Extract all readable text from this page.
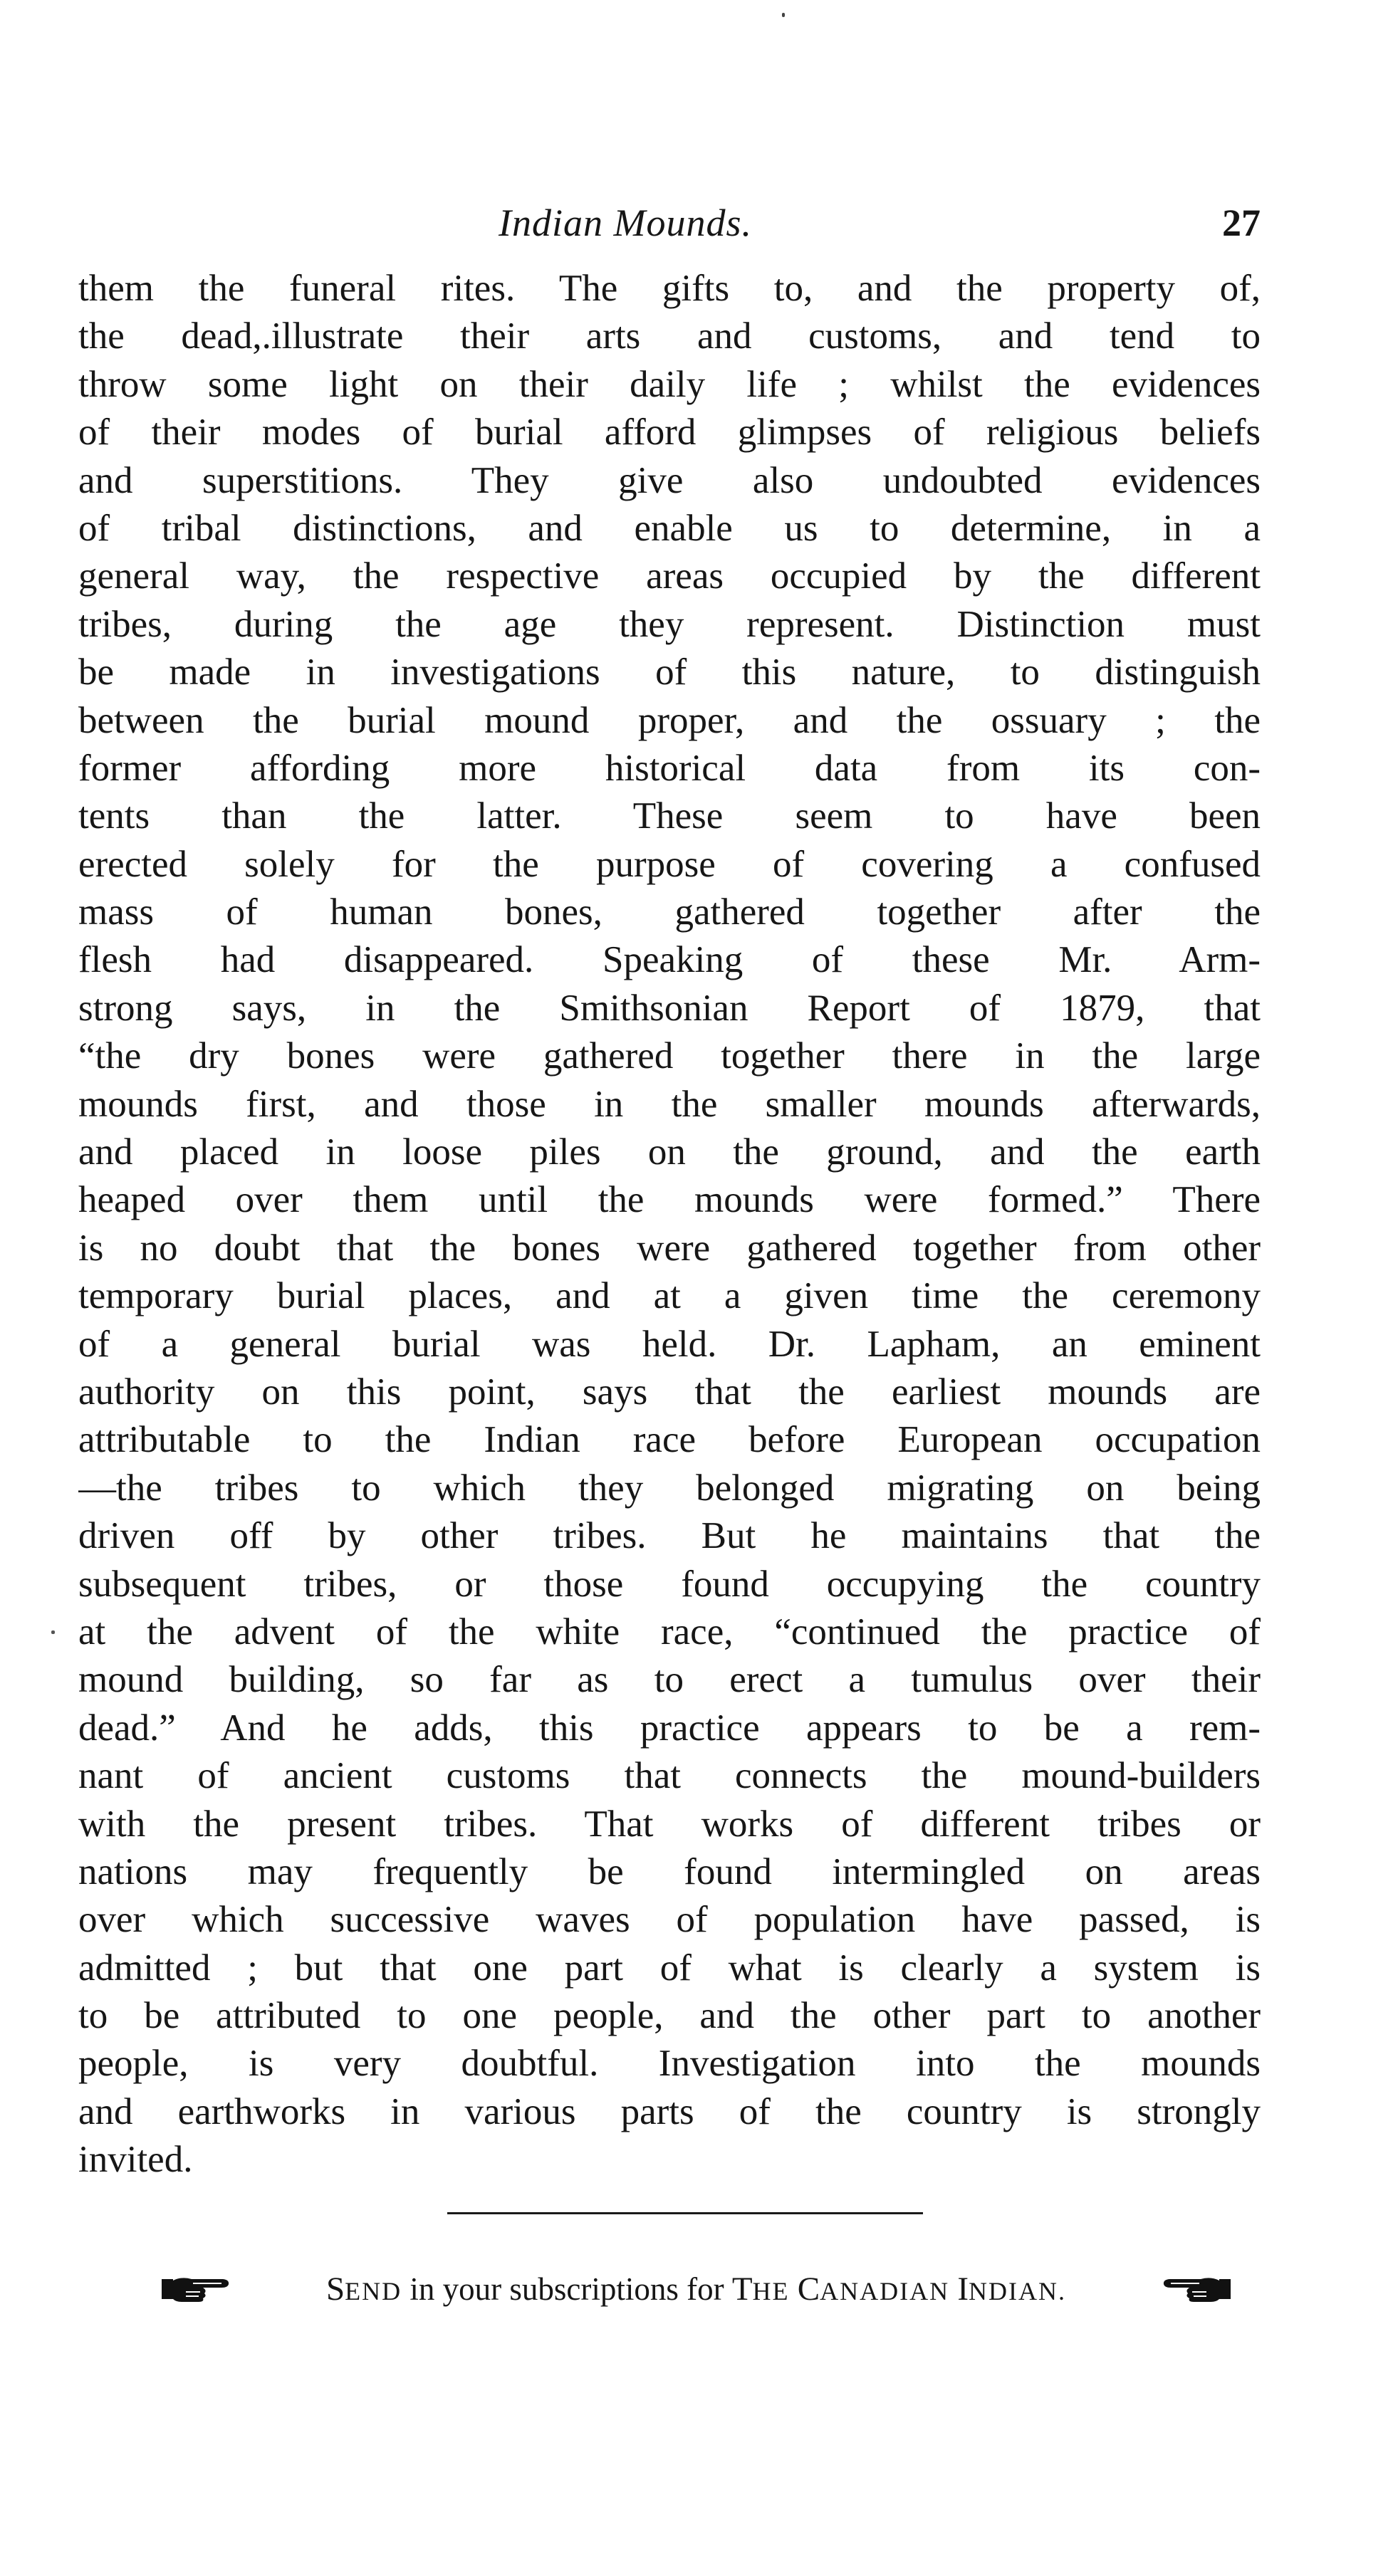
Indian Mounds.	27
them the funeral rites. The gifts to, and the property of,
the dead,.illustrate their arts and customs, and tend to
throw some light on their daily life ; whilst the evidences
of their modes of burial afford glimpses of religious beliefs
and superstitions. They give also undoubted evidences
of tribal distinctions, and enable us to determine, in a
general way, the respective areas occupied by the different
tribes, during the age they represent. Distinction must
be made in investigations of this nature, to distinguish
between the burial mound proper, and the ossuary ; the
former affording more historical data from its con-
tents than the latter. These seem to have been
erected solely for the purpose of covering a confused
mass of human bones, gathered together after the
flesh had disappeared. Speaking of these Mr. Arm-
strong says, in the Smithsonian Report of 1879, that
“the dry bones were gathered together there in the large
mounds first, and those in the smaller mounds afterwards,
and placed in loose piles on the ground, and the earth
heaped over them until the mounds were formed.” There
is no doubt that the bones were gathered together from other
temporary burial places, and at a given time the ceremony
of a general burial was held. Dr. Lapham, an eminent
authority on this point, says that the earliest mounds are
attributable to the Indian race before European occupation
—the tribes to which they belonged migrating on being
driven off by other tribes. But he maintains that the
subsequent tribes, or those found occupying the country
at the advent of the white race, “continued the practice of
mound building, so far as to erect a tumulus over their
dead.” And he adds, this practice appears to be a rem-
nant of ancient customs that connects the mound-builders
with the present tribes. That works of different tribes or
nations may frequently be found intermingled on areas
over which successive waves of population have passed, is
admitted ; but that one part of what is clearly a system is
to be attributed to one people, and the other part to another
people, is very doubtful. Investigation into the mounds
and earthworks in various parts of the country is strongly
invited.
SEND in your subscriptions for THE CANADIAN INDIAN.
